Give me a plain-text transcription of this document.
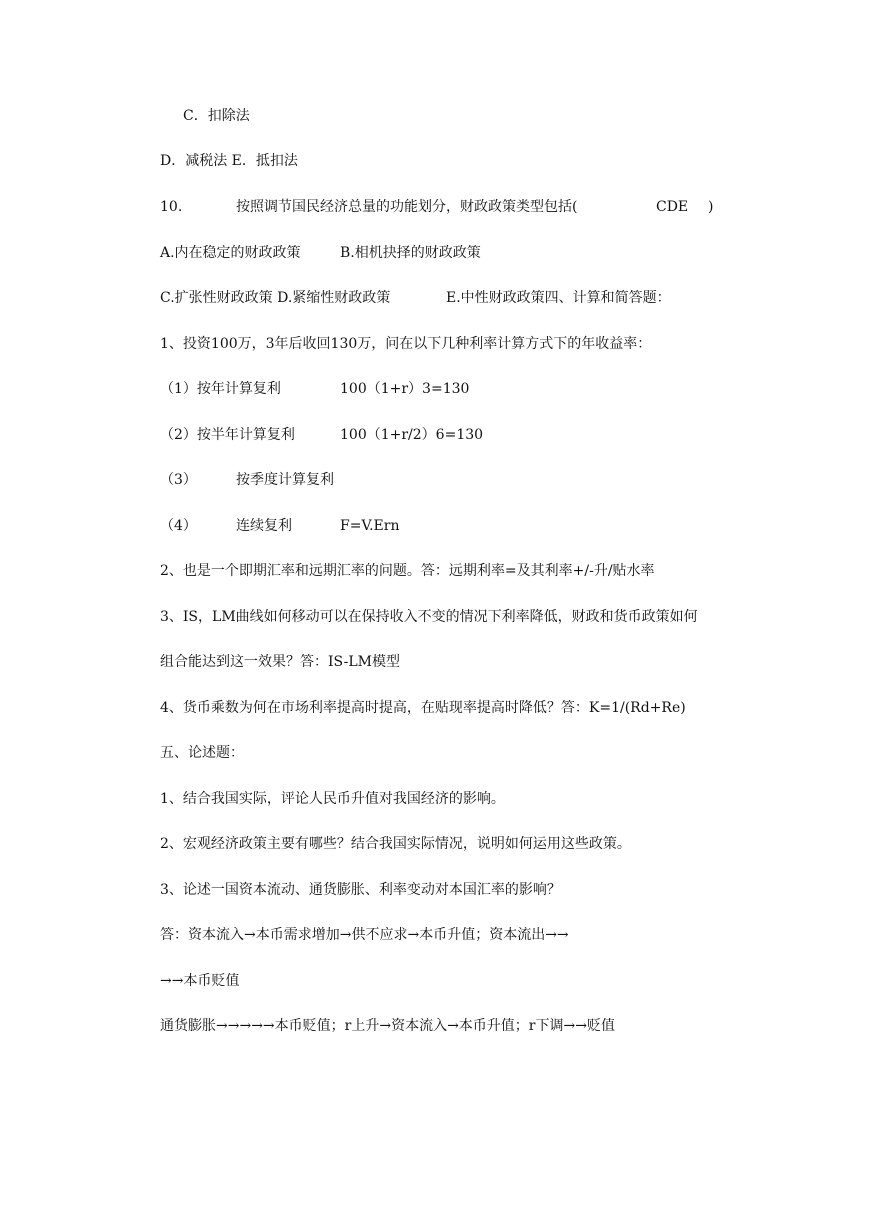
C．扣除法
D．减税法 E．抵扣法
10.	按照调节国民经济总量的功能划分，财政政策类型包括(	CDE )
A.内在稳定的财政政策	B.相机抉择的财政政策
C.扩张性财政政策 D.紧缩性财政政策	E.中性财政政策四、计算和简答题：
1、投资100万，3年后收回130万，问在以下几种利率计算方式下的年收益率：
（1）按年计算复利	100（1+r）3=130
（2）按半年计算复利	100（1+r/2）6=130
（3）	按季度计算复利
（4）	连续复利	F=V.Ern
2、也是一个即期汇率和远期汇率的问题。答：远期利率=及其利率+/-升/贴水率
3、IS，LM曲线如何移动可以在保持收入不变的情况下利率降低，财政和货币政策如何
组合能达到这一效果？答：IS-LM模型
4、货币乘数为何在市场利率提高时提高，在贴现率提高时降低？答：K=1/(Rd+Re)
五、论述题：
1、结合我国实际，评论人民币升值对我国经济的影响。
2、宏观经济政策主要有哪些？结合我国实际情况，说明如何运用这些政策。
3、论述一国资本流动、通货膨胀、利率变动对本国汇率的影响？
答：资本流入→本币需求增加→供不应求→本币升值；资本流出→→
→→本币贬值
通货膨胀→→→→→本币贬值；r上升→资本流入→本币升值；r下调→→贬值
